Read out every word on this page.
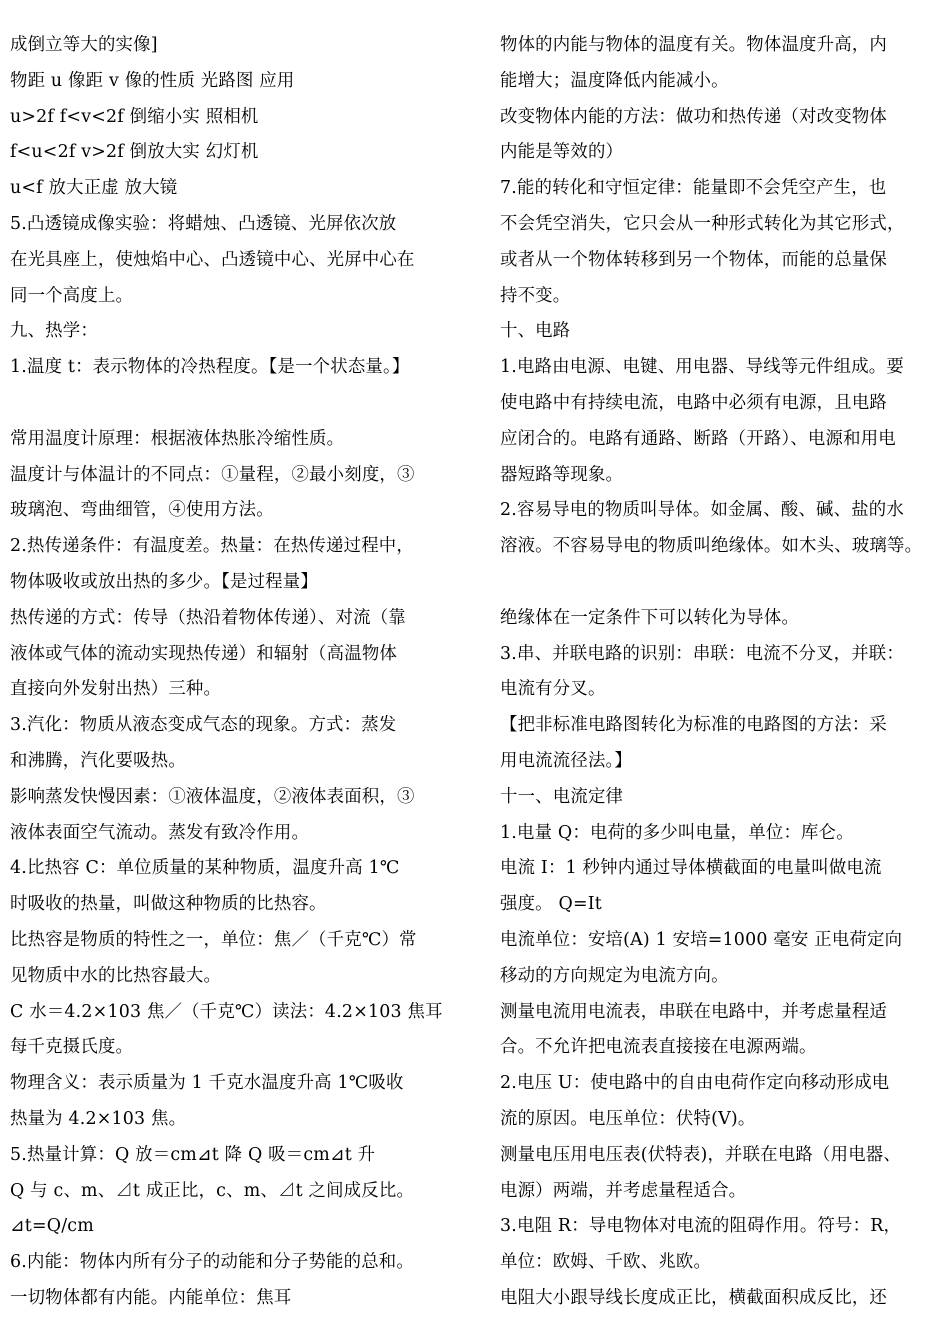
成倒立等大的实像]
物距 u 像距 v 像的性质 光路图 应用
u>2f f<v<2f 倒缩小实 照相机
f<u<2f v>2f 倒放大实 幻灯机
u<f 放大正虚 放大镜
5.凸透镜成像实验：将蜡烛、凸透镜、光屏依次放
在光具座上，使烛焰中心、凸透镜中心、光屏中心在
同一个高度上。
九、热学：
1.温度 t：表示物体的冷热程度。【是一个状态量。】
常用温度计原理：根据液体热胀冷缩性质。
温度计与体温计的不同点：①量程，②最小刻度，③
玻璃泡、弯曲细管，④使用方法。
2.热传递条件：有温度差。热量：在热传递过程中，
物体吸收或放出热的多少。【是过程量】
热传递的方式：传导（热沿着物体传递）、对流（靠
液体或气体的流动实现热传递）和辐射（高温物体
直接向外发射出热）三种。
3.汽化：物质从液态变成气态的现象。方式：蒸发
和沸腾，汽化要吸热。
影响蒸发快慢因素：①液体温度，②液体表面积，③
液体表面空气流动。蒸发有致冷作用。
4.比热容 C：单位质量的某种物质，温度升高 1℃
时吸收的热量，叫做这种物质的比热容。
比热容是物质的特性之一，单位：焦／（千克℃）常
见物质中水的比热容最大。
C 水＝4.2×103 焦／（千克℃）读法：4.2×103 焦耳
每千克摄氏度。
物理含义：表示质量为 1 千克水温度升高 1℃吸收
热量为 4.2×103 焦。
5.热量计算：Q 放＝cm⊿t 降 Q 吸＝cm⊿t 升
Q 与 c、m、⊿t 成正比，c、m、⊿t 之间成反比。
⊿t=Q/cm
6.内能：物体内所有分子的动能和分子势能的总和。
一切物体都有内能。内能单位：焦耳
物体的内能与物体的温度有关。物体温度升高，内
能增大；温度降低内能减小。
改变物体内能的方法：做功和热传递（对改变物体
内能是等效的）
7.能的转化和守恒定律：能量即不会凭空产生，也
不会凭空消失，它只会从一种形式转化为其它形式，
或者从一个物体转移到另一个物体，而能的总量保
持不变。
十、电路
1.电路由电源、电键、用电器、导线等元件组成。要
使电路中有持续电流，电路中必须有电源，且电路
应闭合的。电路有通路、断路（开路）、电源和用电
器短路等现象。
2.容易导电的物质叫导体。如金属、酸、碱、盐的水
溶液。不容易导电的物质叫绝缘体。如木头、玻璃等。
绝缘体在一定条件下可以转化为导体。
3.串、并联电路的识别：串联：电流不分叉，并联：
电流有分叉。
【把非标准电路图转化为标准的电路图的方法：采
用电流流径法。】
十一、电流定律
1.电量 Q：电荷的多少叫电量，单位：库仑。
电流 I：1 秒钟内通过导体横截面的电量叫做电流
强度。 Q=It
电流单位：安培(A) 1 安培=1000 毫安 正电荷定向
移动的方向规定为电流方向。
测量电流用电流表，串联在电路中，并考虑量程适
合。不允许把电流表直接接在电源两端。
2.电压 U：使电路中的自由电荷作定向移动形成电
流的原因。电压单位：伏特(V)。
测量电压用电压表(伏特表)，并联在电路（用电器、
电源）两端，并考虑量程适合。
3.电阻 R：导电物体对电流的阻碍作用。符号：R，
单位：欧姆、千欧、兆欧。
电阻大小跟导线长度成正比，横截面积成反比，还
